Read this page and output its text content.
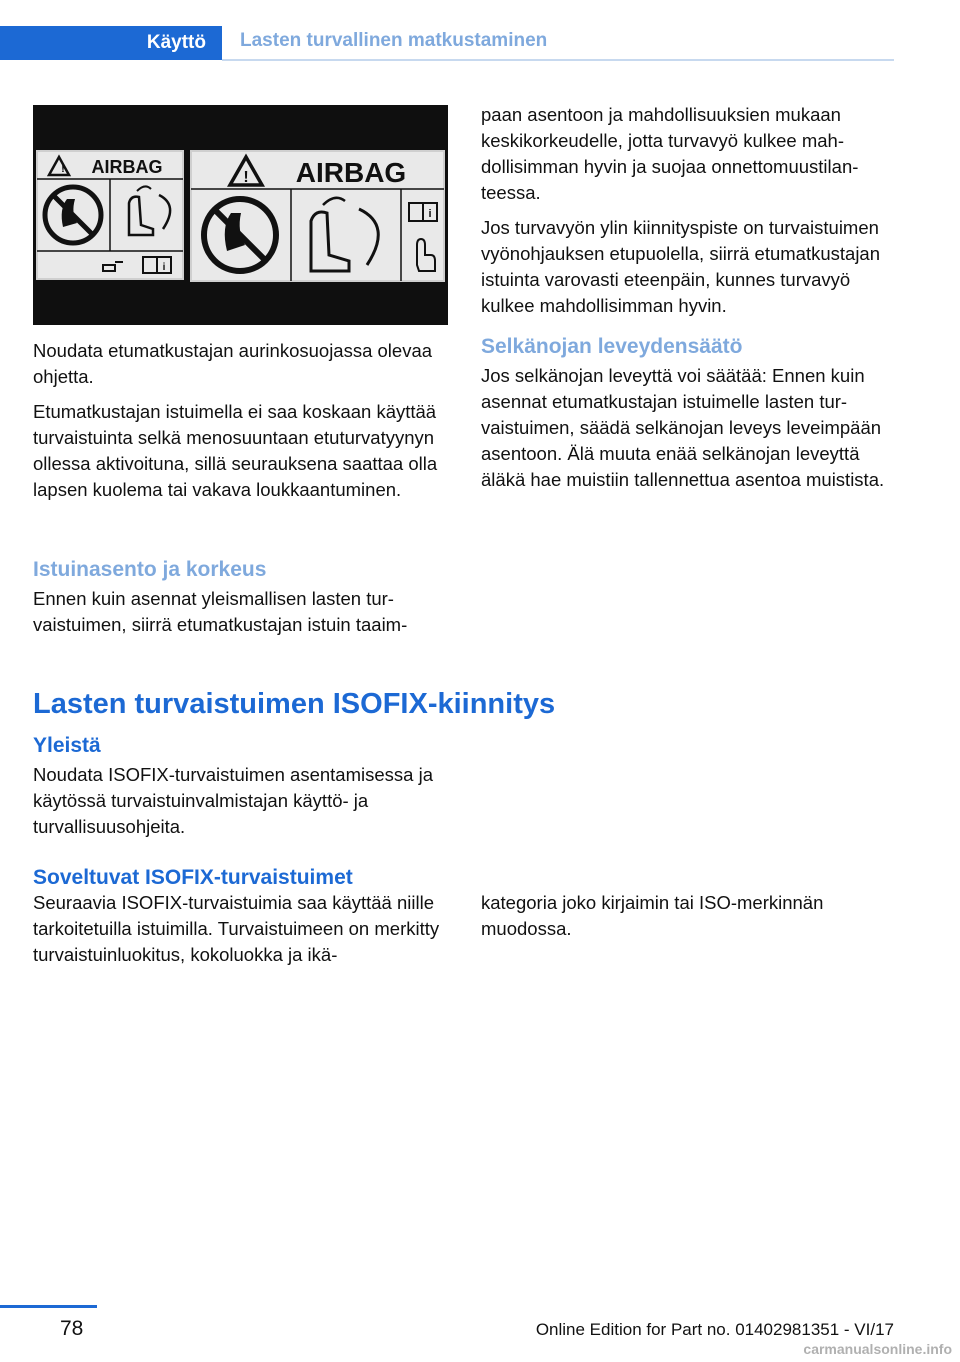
Käyttö	Lasten turvallinen matkustaminen
! AIRBAG
i
! AIRBAG
i

Noudata etumatkustajan aurinkosuojassa olevaa ohjetta.

Etumatkustajan istuimella ei saa koskaan käyttää turvaistuinta selkä menosuuntaan etuturvatyynyn ollessa aktivoituna, sillä seurauksena saattaa olla lapsen kuolema tai vakava loukkaantuminen.

Istuinasento ja korkeus

Ennen kuin asennat yleismallisen lasten turvaistuimen, siirrä etumatkustajan istuin taaim-

paan asentoon ja mahdollisuuksien mukaan keskikorkeudelle, jotta turvavyö kulkee mahdollisimman hyvin ja suojaa onnettomuustilanteessa.

Jos turvavyön ylin kiinnityspiste on turvaistuimen vyönohjauksen etupuolella, siirrä etumatkustajan istuinta varovasti eteenpäin, kunnes turvavyö kulkee mahdollisimman hyvin.

Selkänojan leveydensäätö

Jos selkänojan leveyttä voi säätää: Ennen kuin asennat etumatkustajan istuimelle lasten turvaistuimen, säädä selkänojan leveys leveimpään asentoon. Älä muuta enää selkänojan leveyttä äläkä hae muistiin tallennettua asentoa muistista.

Lasten turvaistuimen ISOFIX-kiinnitys
Yleistä

Noudata ISOFIX-turvaistuimen asentamisessa ja käytössä turvaistuinvalmistajan käyttö- ja turvallisuusohjeita.

Soveltuvat ISOFIX-turvaistuimet

Seuraavia ISOFIX-turvaistuimia saa käyttää niille tarkoitetuilla istuimilla. Turvaistuimeen on merkitty turvaistuinluokitus, kokoluokka ja ikä-

kategoria joko kirjaimin tai ISO-merkinnän muodossa.

78	Online Edition for Part no. 01402981351 - VI/17
carmanualsonline.info
